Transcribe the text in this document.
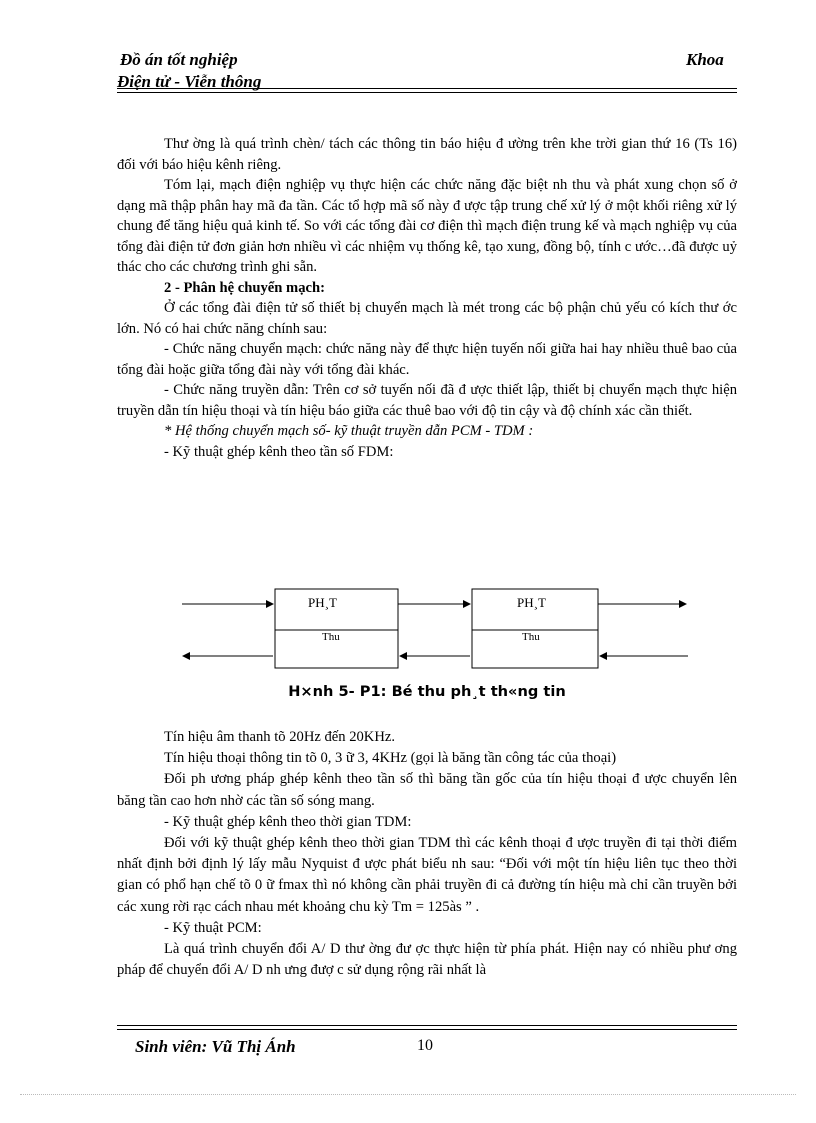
Đồ án tốt nghiệp
Điện tử - Viễn thông
Khoa

Thư ờng là quá trình chèn/ tách các thông tin báo hiệu đ ường trên khe trời gian thứ 16 (Ts 16) đối với báo hiệu kênh riêng.

Tóm lại, mạch điện nghiệp vụ thực hiện các chức năng đặc biệt nh thu và phát xung chọn số ở dạng mã thập phân hay mã đa tần. Các tổ hợp mã số này đ ược tập trung chế xử lý ở một khối riêng xử lý chung để tăng hiệu quả kinh tế. So với các tổng đài cơ điện thì mạch điện trung kế và mạch nghiệp vụ của tổng đài điện tử đơn giản hơn nhiều vì các nhiệm vụ thống kê, tạo xung, đồng bộ, tính c ước…đã được uỷ thác cho các chương trình ghi sẵn.

2 - Phân hệ chuyển mạch:

Ở các tổng đài điện tử số thiết bị chuyển mạch là mét trong các bộ phận chủ yếu có kích thư ớc lớn. Nó có hai chức năng chính sau:

- Chức năng chuyển mạch: chức năng này để thực hiện tuyến nối giữa hai hay nhiều thuê bao của tổng đài hoặc giữa tổng đài này với tổng đài khác.

- Chức năng truyền dẫn: Trên cơ sở tuyến nối đã đ ược thiết lập, thiết bị chuyển mạch thực hiện truyền dẫn tín hiệu thoại và tín hiệu báo giữa các thuê bao với độ tin cậy và độ chính xác cần thiết.

* Hệ thống chuyển mạch số- kỹ thuật truyền dẫn PCM - TDM :

- Kỹ thuật ghép kênh theo tần số FDM:

PH¸T
Thu
PH¸T
Thu
H×nh 5- P1: Bé thu ph¸t th«ng tin

Tín hiệu âm thanh tõ 20Hz đến 20KHz.

Tín hiệu thoại thông tin tõ 0, 3 ữ 3, 4KHz (gọi là băng tần công tác của thoại)

Đối ph ương pháp ghép kênh theo tần số thì băng tần gốc của tín hiệu thoại đ ược chuyển lên băng tần cao hơn nhờ các tần số sóng mang.

- Kỹ thuật ghép kênh theo thời gian TDM:

Đối với kỹ thuật ghép kênh theo thời gian TDM thì các kênh thoại đ ược truyền đi tại thời điểm nhất định bởi định lý lấy mẫu Nyquist đ ược phát biểu nh sau: “Đối với một tín hiệu liên tục theo thời gian có phổ hạn chế tõ 0 ữ fmax thì nó không cần phải truyền đi cả đường tín hiệu mà chỉ cần truyền bởi các xung rời rạc cách nhau mét khoảng chu kỳ Tm = 125às ” .

- Kỹ thuật PCM:

Là quá trình chuyển đổi A/ D thư ờng đư ợc thực hiện từ phía phát. Hiện nay có nhiều phư ơng pháp để chuyển đổi A/ D nh ưng đượ c sử dụng rộng rãi nhất là

Sinh viên: Vũ Thị Ánh	10
